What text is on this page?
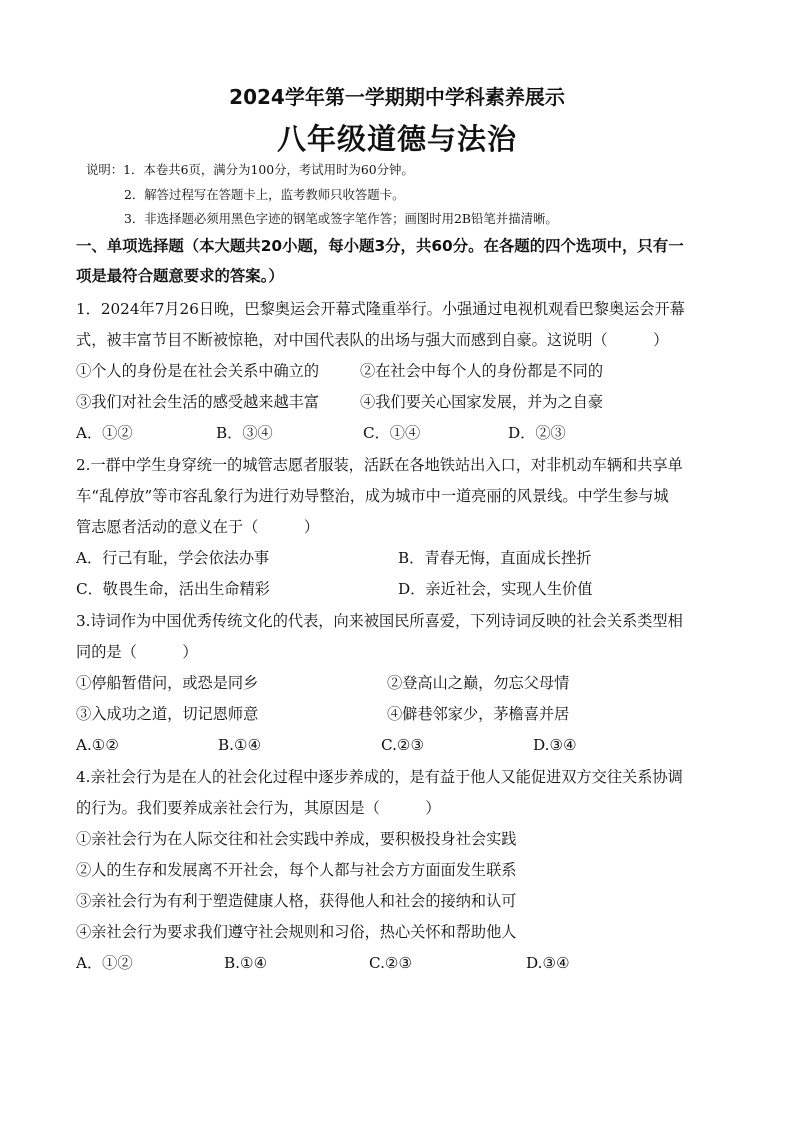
2024学年第一学期期中学科素养展示
八年级道德与法治
说明：1．本卷共6页，满分为100分，考试用时为60分钟。
2．解答过程写在答题卡上，监考教师只收答题卡。
3．非选择题必须用黑色字迹的钢笔或签字笔作答；画图时用2B铅笔并描清晰。
一、单项选择题（本大题共20小题，每小题3分，共60分。在各题的四个选项中，只有一
项是最符合题意要求的答案。）
1．2024年7月26日晚，巴黎奥运会开幕式隆重举行。小强通过电视机观看巴黎奥运会开幕
式，被丰富节目不断被惊艳，对中国代表队的出场与强大而感到自豪。这说明（　　　）
①个人的身份是在社会关系中确立的	②在社会中每个人的身份都是不同的
③我们对社会生活的感受越来越丰富	④我们要关心国家发展，并为之自豪
A．①②	B．③④	C．①④	D．②③
2.一群中学生身穿统一的城管志愿者服装，活跃在各地铁站出入口，对非机动车辆和共享单
车“乱停放”等市容乱象行为进行劝导整治，成为城市中一道亮丽的风景线。中学生参与城
管志愿者活动的意义在于（　　　）
A．行己有耻，学会依法办事	B．青春无悔，直面成长挫折
C．敬畏生命，活出生命精彩	D．亲近社会，实现人生价值
3.诗词作为中国优秀传统文化的代表，向来被国民所喜爱，下列诗词反映的社会关系类型相
同的是（　　　）
①停船暂借问，或恐是同乡	②登高山之巅，勿忘父母情
③入成功之道，切记恩师意	④僻巷邻家少，茅檐喜并居
A.①②	B.①④	C.②③	D.③④
4.亲社会行为是在人的社会化过程中逐步养成的，是有益于他人又能促进双方交往关系协调
的行为。我们要养成亲社会行为，其原因是（　　　）
①亲社会行为在人际交往和社会实践中养成，要积极投身社会实践
②人的生存和发展离不开社会，每个人都与社会方方面面发生联系
③亲社会行为有利于塑造健康人格，获得他人和社会的接纳和认可
④亲社会行为要求我们遵守社会规则和习俗，热心关怀和帮助他人
A．①②	B.①④	C.②③	D.③④
